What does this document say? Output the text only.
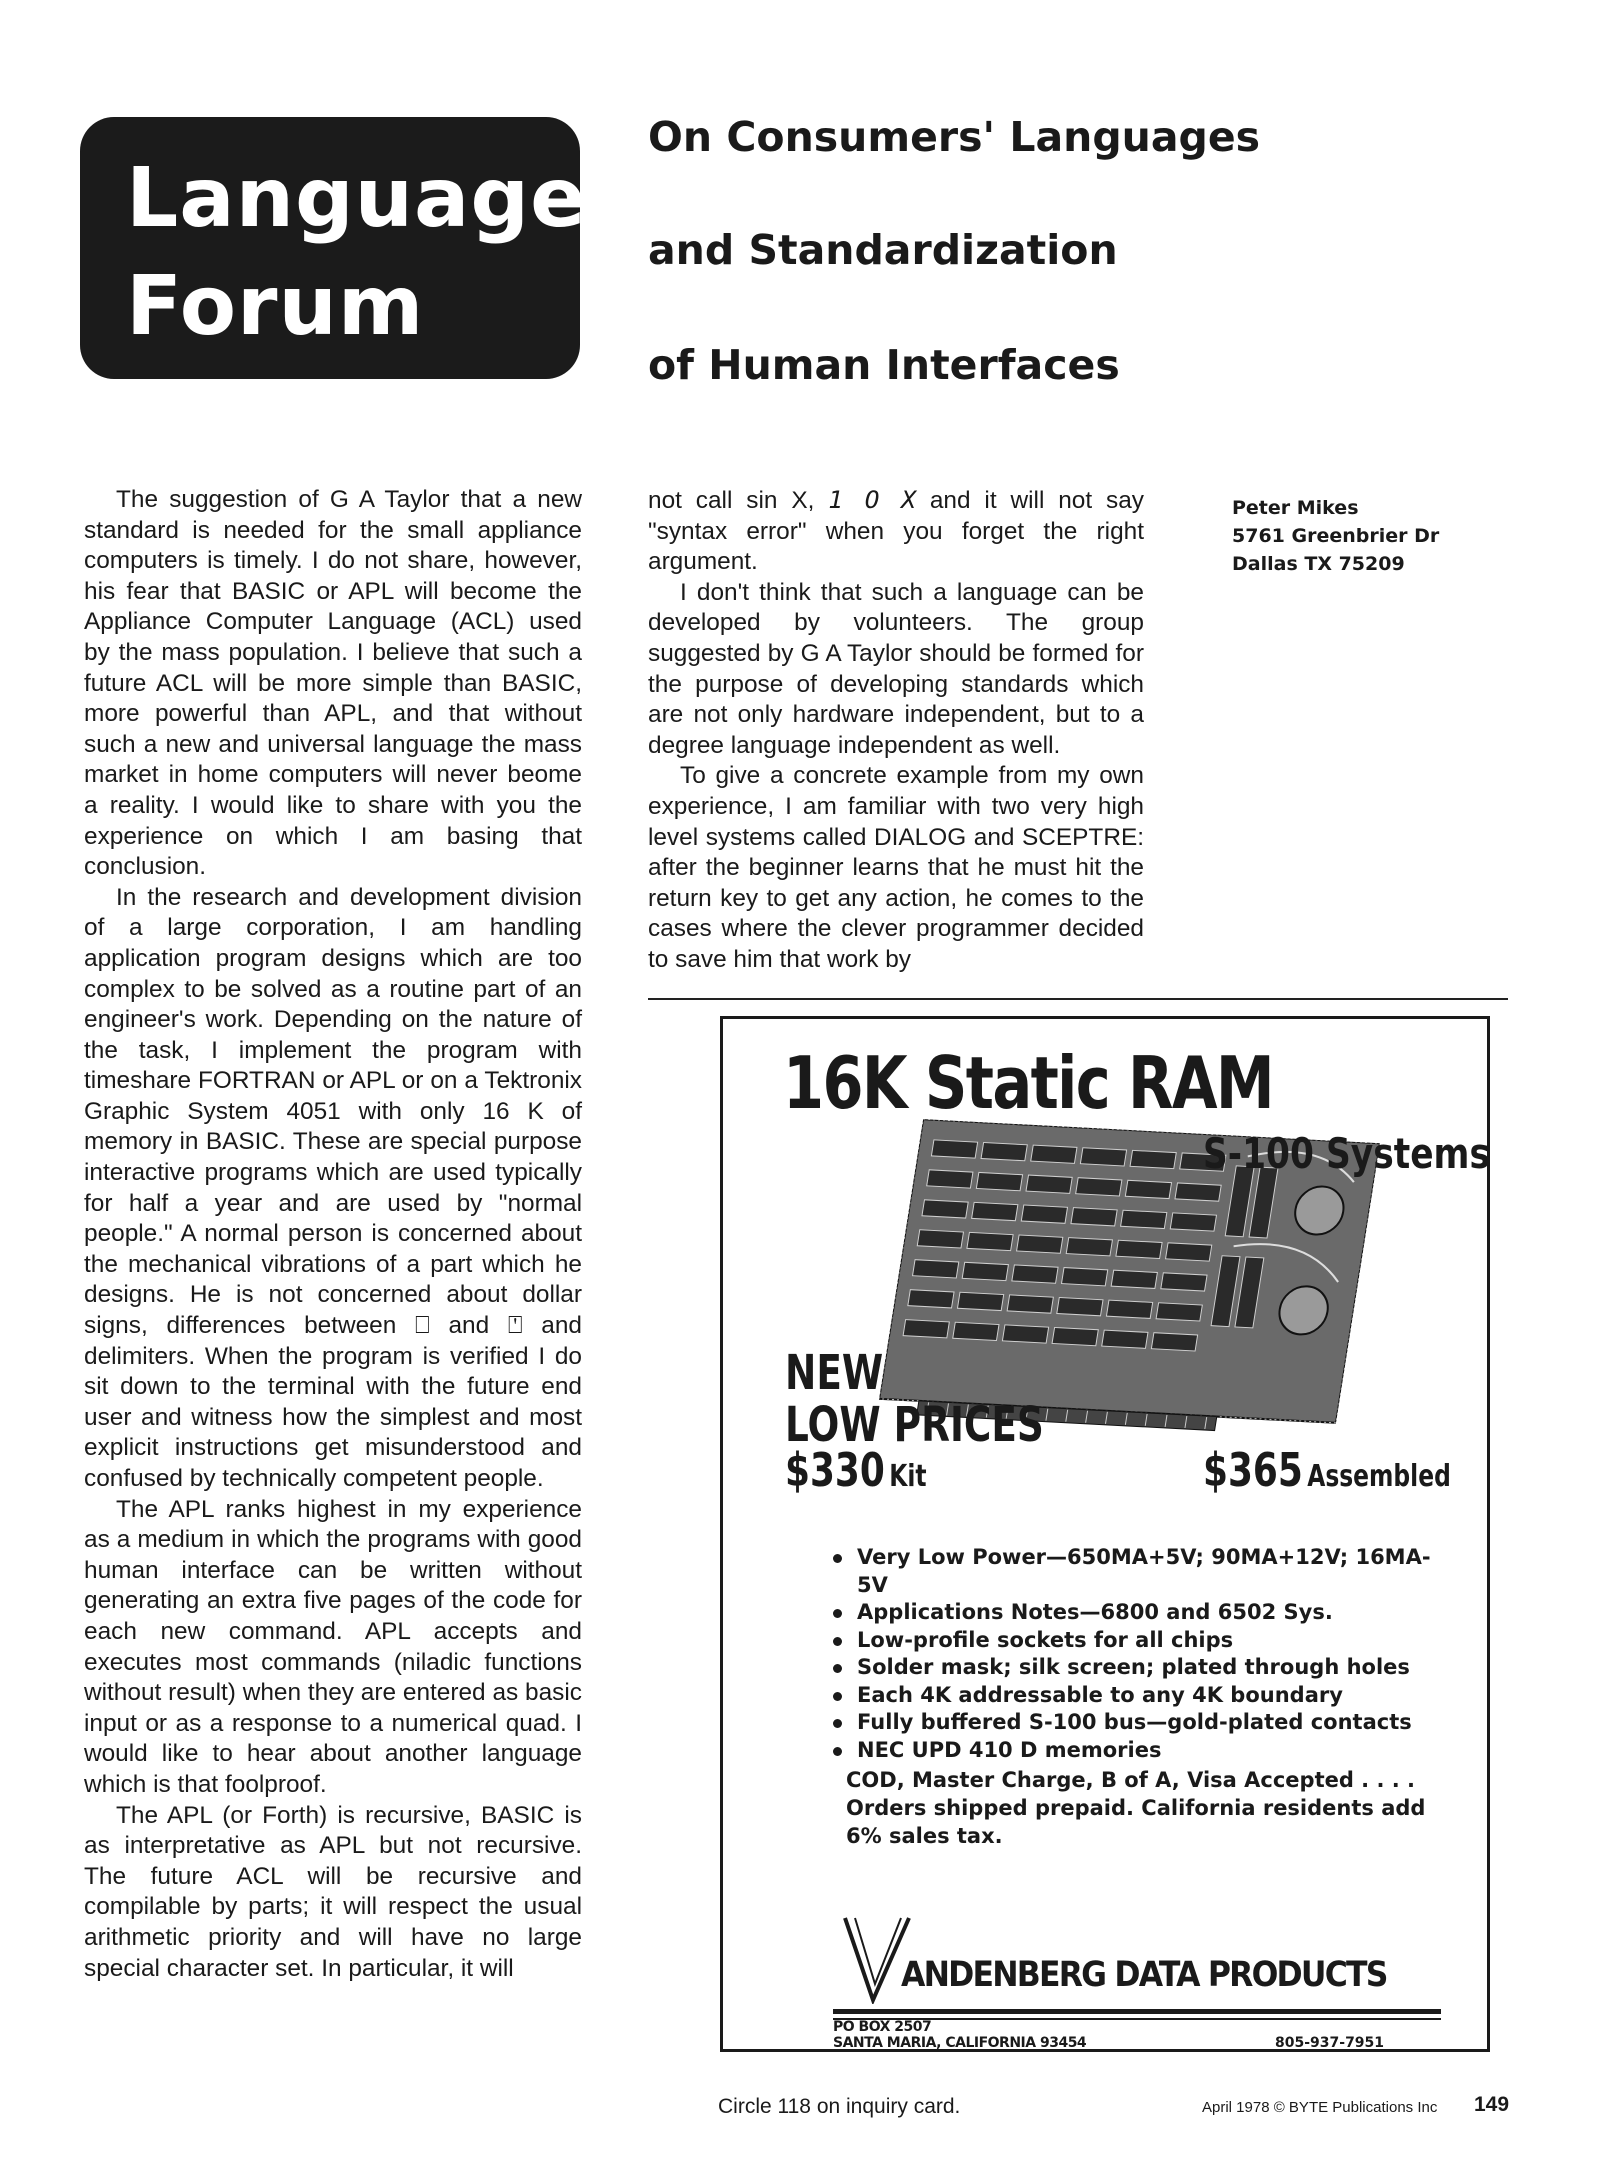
Languages
Forum
On Consumers' Languages
and Standardization
of Human Interfaces

The suggestion of G A Taylor that a new standard is needed for the small appliance computers is timely. I do not share, however, his fear that BASIC or APL will become the Appliance Computer Language (ACL) used by the mass population. I believe that such a future ACL will be more simple than BASIC, more powerful than APL, and that without such a new and universal language the mass market in home computers will never beome a reality. I would like to share with you the experience on which I am basing that conclusion.

In the research and development division of a large corporation, I am handling application program designs which are too complex to be solved as a routine part of an engineer's work. Depending on the nature of the task, I implement the program with timeshare FORTRAN or APL or on a Tektronix Graphic System 4051 with only 16 K of memory in BASIC. These are special purpose interactive programs which are used typically for half a year and are used by "normal people." A normal person is concerned about the mechanical vibrations of a part which he designs. He is not concerned about dollar signs, differences between ⎕ and ⍞ and delimiters. When the program is verified I do sit down to the terminal with the future end user and witness how the simplest and most explicit instructions get misunderstood and confused by technically competent people.

The APL ranks highest in my experience as a medium in which the programs with good human interface can be written without generating an extra five pages of the code for each new command. APL accepts and executes most commands (niladic functions without result) when they are entered as basic input or as a response to a numerical quad. I would like to hear about another language which is that foolproof.

The APL (or Forth) is recursive, BASIC is as interpretative as APL but not recursive. The future ACL will be recursive and compilable by parts; it will respect the usual arithmetic priority and will have no large special character set. In particular, it will

not call sin X, 1 O X and it will not say "syntax error" when you forget the right argument.

I don't think that such a language can be developed by volunteers. The group suggested by G A Taylor should be formed for the purpose of developing standards which are not only hardware independent, but to a degree language independent as well.

To give a concrete example from my own experience, I am familiar with two very high level systems called DIALOG and SCEPTRE: after the beginner learns that he must hit the return key to get any action, he comes to the cases where the clever programmer decided to save him that work by

Peter Mikes
5761 Greenbrier Dr
Dallas TX 75209
16K Static RAM
S-100 Systems
NEW
LOW PRICES
$330 Kit	$365 Assembled
Very Low Power—650MA+5V; 90MA+12V; 16MA-5V
Applications Notes—6800 and 6502 Sys.
Low-profile sockets for all chips
Solder mask; silk screen; plated through holes
Each 4K addressable to any 4K boundary
Fully buffered S-100 bus—gold-plated contacts
NEC UPD 410 D memories
COD, Master Charge, B of A, Visa Accepted . . . . Orders shipped prepaid. California residents add 6% sales tax.
ANDENBERG DATA PRODUCTS
PO BOX 2507
SANTA MARIA, CALIFORNIA 93454	805-937-7951
Circle 118 on inquiry card.	April 1978 © BYTE Publications Inc 149
